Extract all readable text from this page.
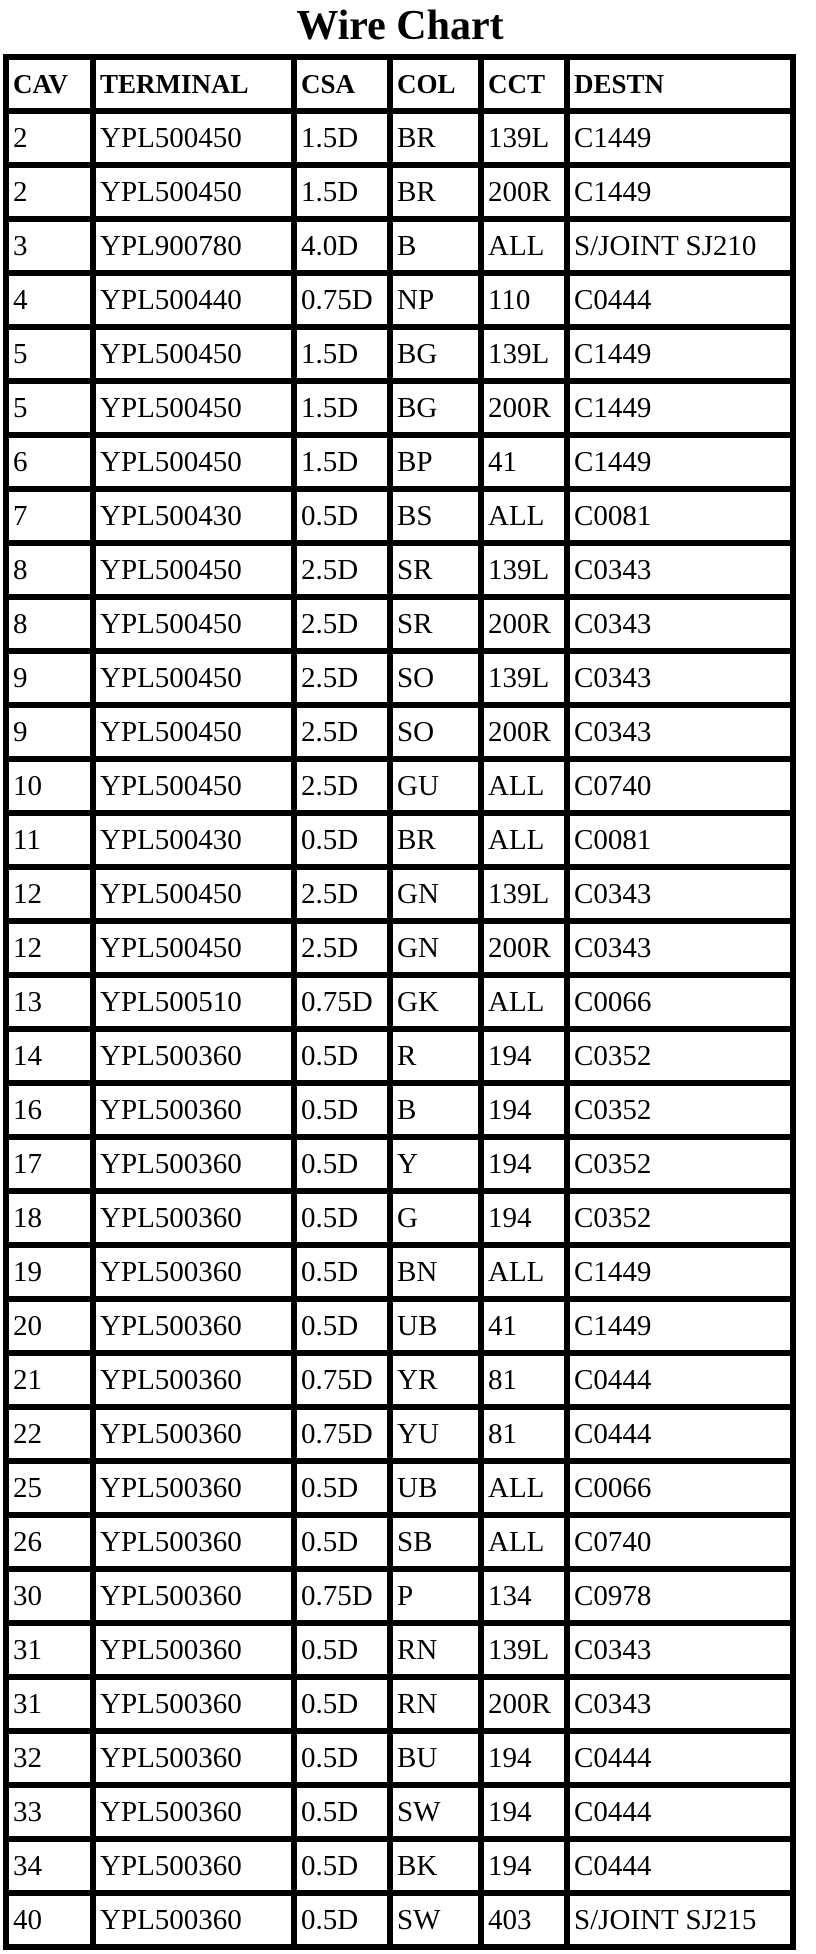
Wire Chart
CAV	TERMINAL	CSA	COL	CCT	DESTN
2	YPL500450	1.5D	BR	139L	C1449
2	YPL500450	1.5D	BR	200R	C1449
3	YPL900780	4.0D	B	ALL	S/JOINT SJ210
4	YPL500440	0.75D	NP	110	C0444
5	YPL500450	1.5D	BG	139L	C1449
5	YPL500450	1.5D	BG	200R	C1449
6	YPL500450	1.5D	BP	41	C1449
7	YPL500430	0.5D	BS	ALL	C0081
8	YPL500450	2.5D	SR	139L	C0343
8	YPL500450	2.5D	SR	200R	C0343
9	YPL500450	2.5D	SO	139L	C0343
9	YPL500450	2.5D	SO	200R	C0343
10	YPL500450	2.5D	GU	ALL	C0740
11	YPL500430	0.5D	BR	ALL	C0081
12	YPL500450	2.5D	GN	139L	C0343
12	YPL500450	2.5D	GN	200R	C0343
13	YPL500510	0.75D	GK	ALL	C0066
14	YPL500360	0.5D	R	194	C0352
16	YPL500360	0.5D	B	194	C0352
17	YPL500360	0.5D	Y	194	C0352
18	YPL500360	0.5D	G	194	C0352
19	YPL500360	0.5D	BN	ALL	C1449
20	YPL500360	0.5D	UB	41	C1449
21	YPL500360	0.75D	YR	81	C0444
22	YPL500360	0.75D	YU	81	C0444
25	YPL500360	0.5D	UB	ALL	C0066
26	YPL500360	0.5D	SB	ALL	C0740
30	YPL500360	0.75D	P	134	C0978
31	YPL500360	0.5D	RN	139L	C0343
31	YPL500360	0.5D	RN	200R	C0343
32	YPL500360	0.5D	BU	194	C0444
33	YPL500360	0.5D	SW	194	C0444
34	YPL500360	0.5D	BK	194	C0444
40	YPL500360	0.5D	SW	403	S/JOINT SJ215
